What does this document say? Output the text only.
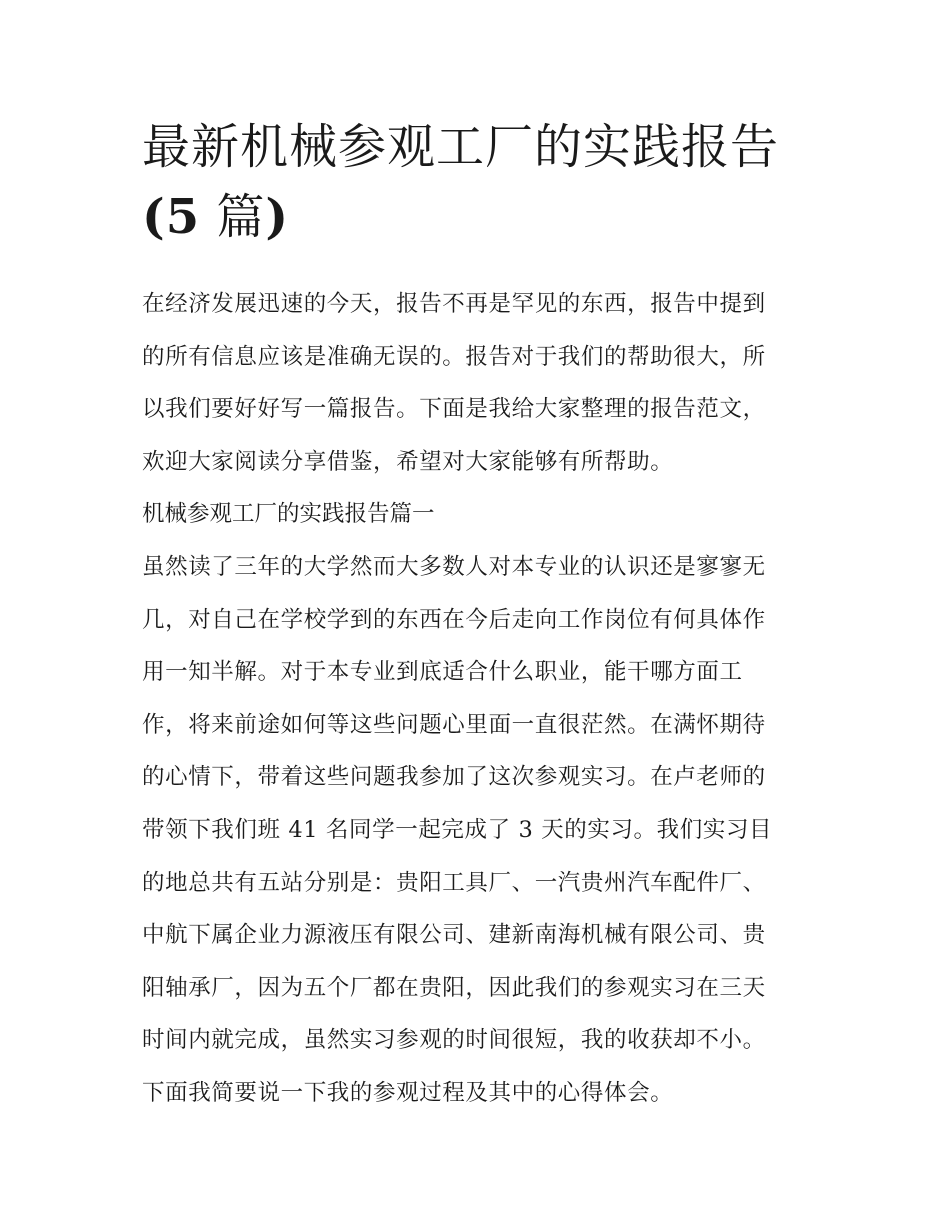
最新机械参观工厂的实践报告
(5 篇)
在经济发展迅速的今天，报告不再是罕见的东西，报告中提到
的所有信息应该是准确无误的。报告对于我们的帮助很大，所
以我们要好好写一篇报告。下面是我给大家整理的报告范文，
欢迎大家阅读分享借鉴，希望对大家能够有所帮助。
机械参观工厂的实践报告篇一
虽然读了三年的大学然而大多数人对本专业的认识还是寥寥无
几，对自己在学校学到的东西在今后走向工作岗位有何具体作
用一知半解。对于本专业到底适合什么职业，能干哪方面工
作，将来前途如何等这些问题心里面一直很茫然。在满怀期待
的心情下，带着这些问题我参加了这次参观实习。在卢老师的
带领下我们班 41 名同学一起完成了 3 天的实习。我们实习目
的地总共有五站分别是：贵阳工具厂、一汽贵州汽车配件厂、
中航下属企业力源液压有限公司、建新南海机械有限公司、贵
阳轴承厂，因为五个厂都在贵阳，因此我们的参观实习在三天
时间内就完成，虽然实习参观的时间很短，我的收获却不小。
下面我简要说一下我的参观过程及其中的心得体会。
